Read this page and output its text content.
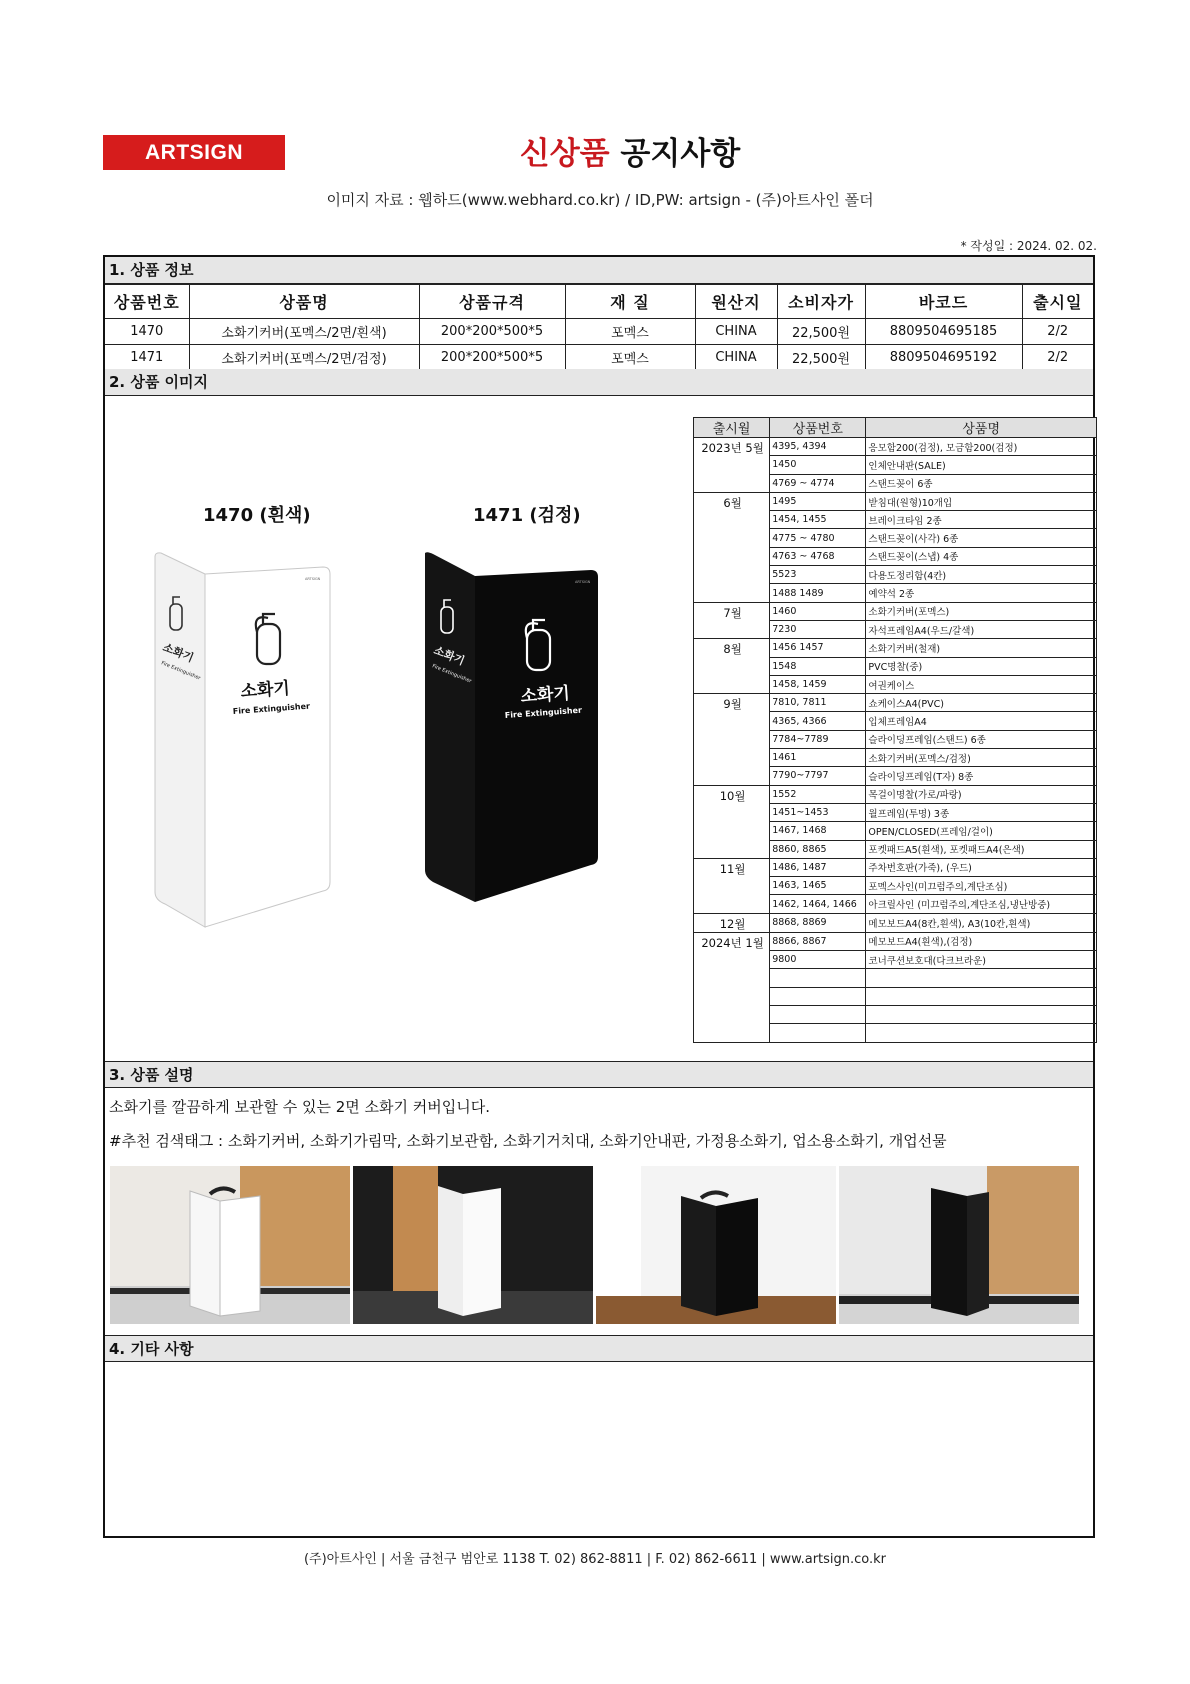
ARTSIGN	신상품 공지사항
이미지 자료 : 웹하드(www.webhard.co.kr) / ID,PW: artsign - (주)아트사인 폴더
* 작성일 : 2024. 02. 02.
1. 상품 정보
상품번호	상품명	상품규격	재 질	원산지	소비자가	바코드	출시일
1470	소화기커버(포멕스/2면/흰색)	200*200*500*5	포멕스	CHINA	22,500원	8809504695185	2/2
1471	소화기커버(포멕스/2면/검정)	200*200*500*5	포멕스	CHINA	22,500원	8809504695192	2/2
2. 상품 이미지
1470 (흰색)	1471 (검정)
소화기
Fire Extinguisher
소화기
Fire Extinguisher
ARTSIGN
소화기
Fire Extinguisher
소화기
Fire Extinguisher
ARTSIGN
출시월	상품번호	상품명
2023년 5월	4395, 4394	응모함200(검정), 모금함200(검정)
	1450	인체안내판(SALE)
	4769 ~ 4774	스탠드꽂이 6종
6월	1495	받침대(원형)10개입
	1454, 1455	브레이크타임 2종
	4775 ~ 4780	스탠드꽂이(사각) 6종
	4763 ~ 4768	스탠드꽂이(스냅) 4종
	5523	다용도정리함(4칸)
	1488 1489	예약석 2종
7월	1460	소화기커버(포멕스)
	7230	자석프레임A4(우드/갈색)
8월	1456 1457	소화기커버(철재)
	1548	PVC명찰(중)
	1458, 1459	여권케이스
9월	7810, 7811	쇼케이스A4(PVC)
	4365, 4366	입체프레임A4
	7784~7789	슬라이딩프레임(스탠드) 6종
	1461	소화기커버(포멕스/검정)
	7790~7797	슬라이딩프레임(T자) 8종
10월	1552	목걸이명찰(가로/파랑)
	1451~1453	월프레임(투명) 3종
	1467, 1468	OPEN/CLOSED(프레임/걸이)
	8860, 8865	포켓패드A5(흰색), 포켓패드A4(은색)
11월	1486, 1487	주차번호판(가죽), (우드)
	1463, 1465	포멕스사인(미끄럼주의,계단조심)
	1462, 1464, 1466	아크릴사인 (미끄럼주의,계단조심,냉난방중)
12월	8868, 8869	메모보드A4(8칸,흰색), A3(10칸,흰색)
2024년 1월	8866, 8867	메모보드A4(흰색),(검정)
	9800	코너쿠션보호대(다크브라운)

3. 상품 설명
소화기를 깔끔하게 보관할 수 있는 2면 소화기 커버입니다.
#추천 검색태그 : 소화기커버, 소화기가림막, 소화기보관함, 소화기거치대, 소화기안내판, 가정용소화기, 업소용소화기, 개업선물
4. 기타 사항
(주)아트사인 | 서울 금천구 범안로 1138 T. 02) 862-8811 | F. 02) 862-6611 | www.artsign.co.kr
